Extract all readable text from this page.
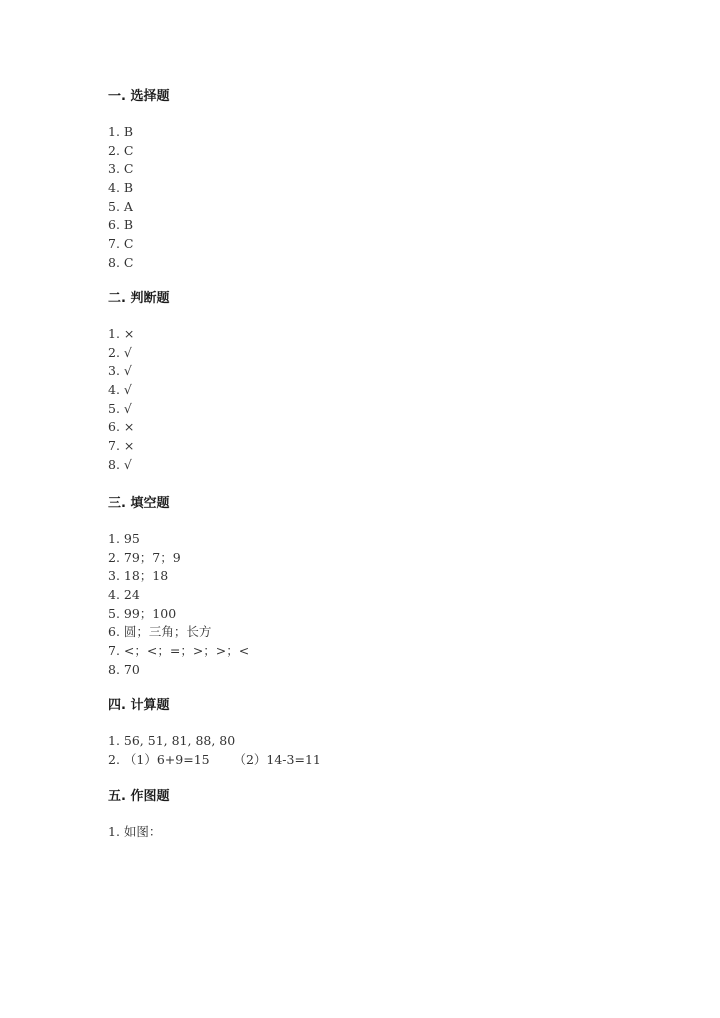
一. 选择题
1. B
2. C
3. C
4. B
5. A
6. B
7. C
8. C
二. 判断题
1. ×
2. √
3. √
4. √
5. √
6. ×
7. ×
8. √
三. 填空题
1. 95
2. 79；7；9
3. 18；18
4. 24
5. 99；100
6. 圆；三角；长方
7. <；<；=；>；>；<
8. 70
四. 计算题
1. 56, 51, 81, 88, 80
2. （1）6+9=15      （2）14-3=11
五. 作图题
1. 如图：
